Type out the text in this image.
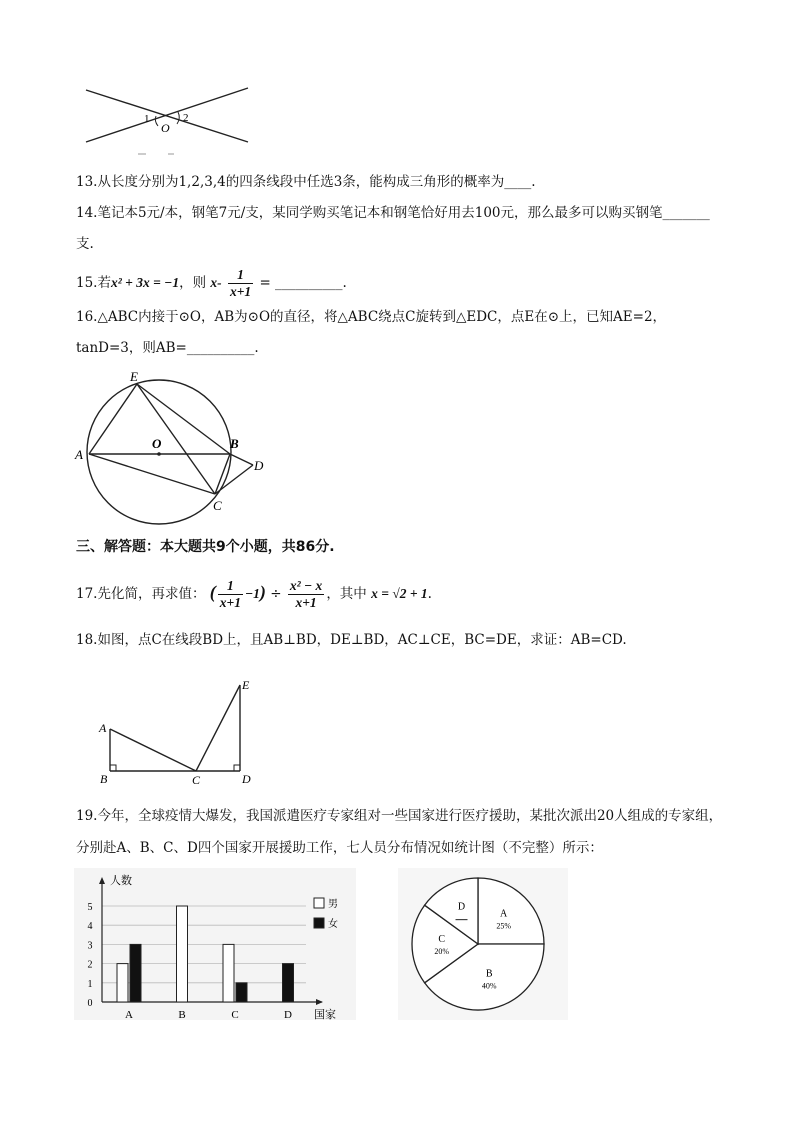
1	2
O
13.从长度分别为1,2,3,4的四条线段中任选3条，能构成三角形的概率为____.
14.笔记本5元/本，钢笔7元/支，某同学购买笔记本和钢笔恰好用去100元，那么最多可以购买钢笔_______
支.
15.若x² + 3x = −1，则 $x- \frac{1}{x+1}$ = __________.
16.△ABC内接于⊙O，AB为⊙O的直径，将△ABC绕点C旋转到△EDC，点E在⊙上，已知AE=2，
tanD=3，则AB=__________.
E
A
O	B
D
C
三、解答题：本大题共9个小题，共86分.
17.先化简，再求值： ( $\frac{1}{x+1} -1) \div \frac{\text{x² − x}}{x+1}$ ，其中 x = √2 + 1.
18.如图，点C在线段BD上，且AB⊥BD，DE⊥BD，AC⊥CE，BC=DE，求证：AB=CD.
A
B	C	D
E
19.今年，全球疫情大爆发，我国派遣医疗专家组对一些国家进行医疗援助，某批次派出20人组成的专家组，
分别赴A、B、C、D四个国家开展援助工作，七人员分布情况如统计图（不完整）所示：
0
1
2
3
4
5
人数
国家
A	B	C	D
男
女
A
25%
B
40%
C
20%
D
